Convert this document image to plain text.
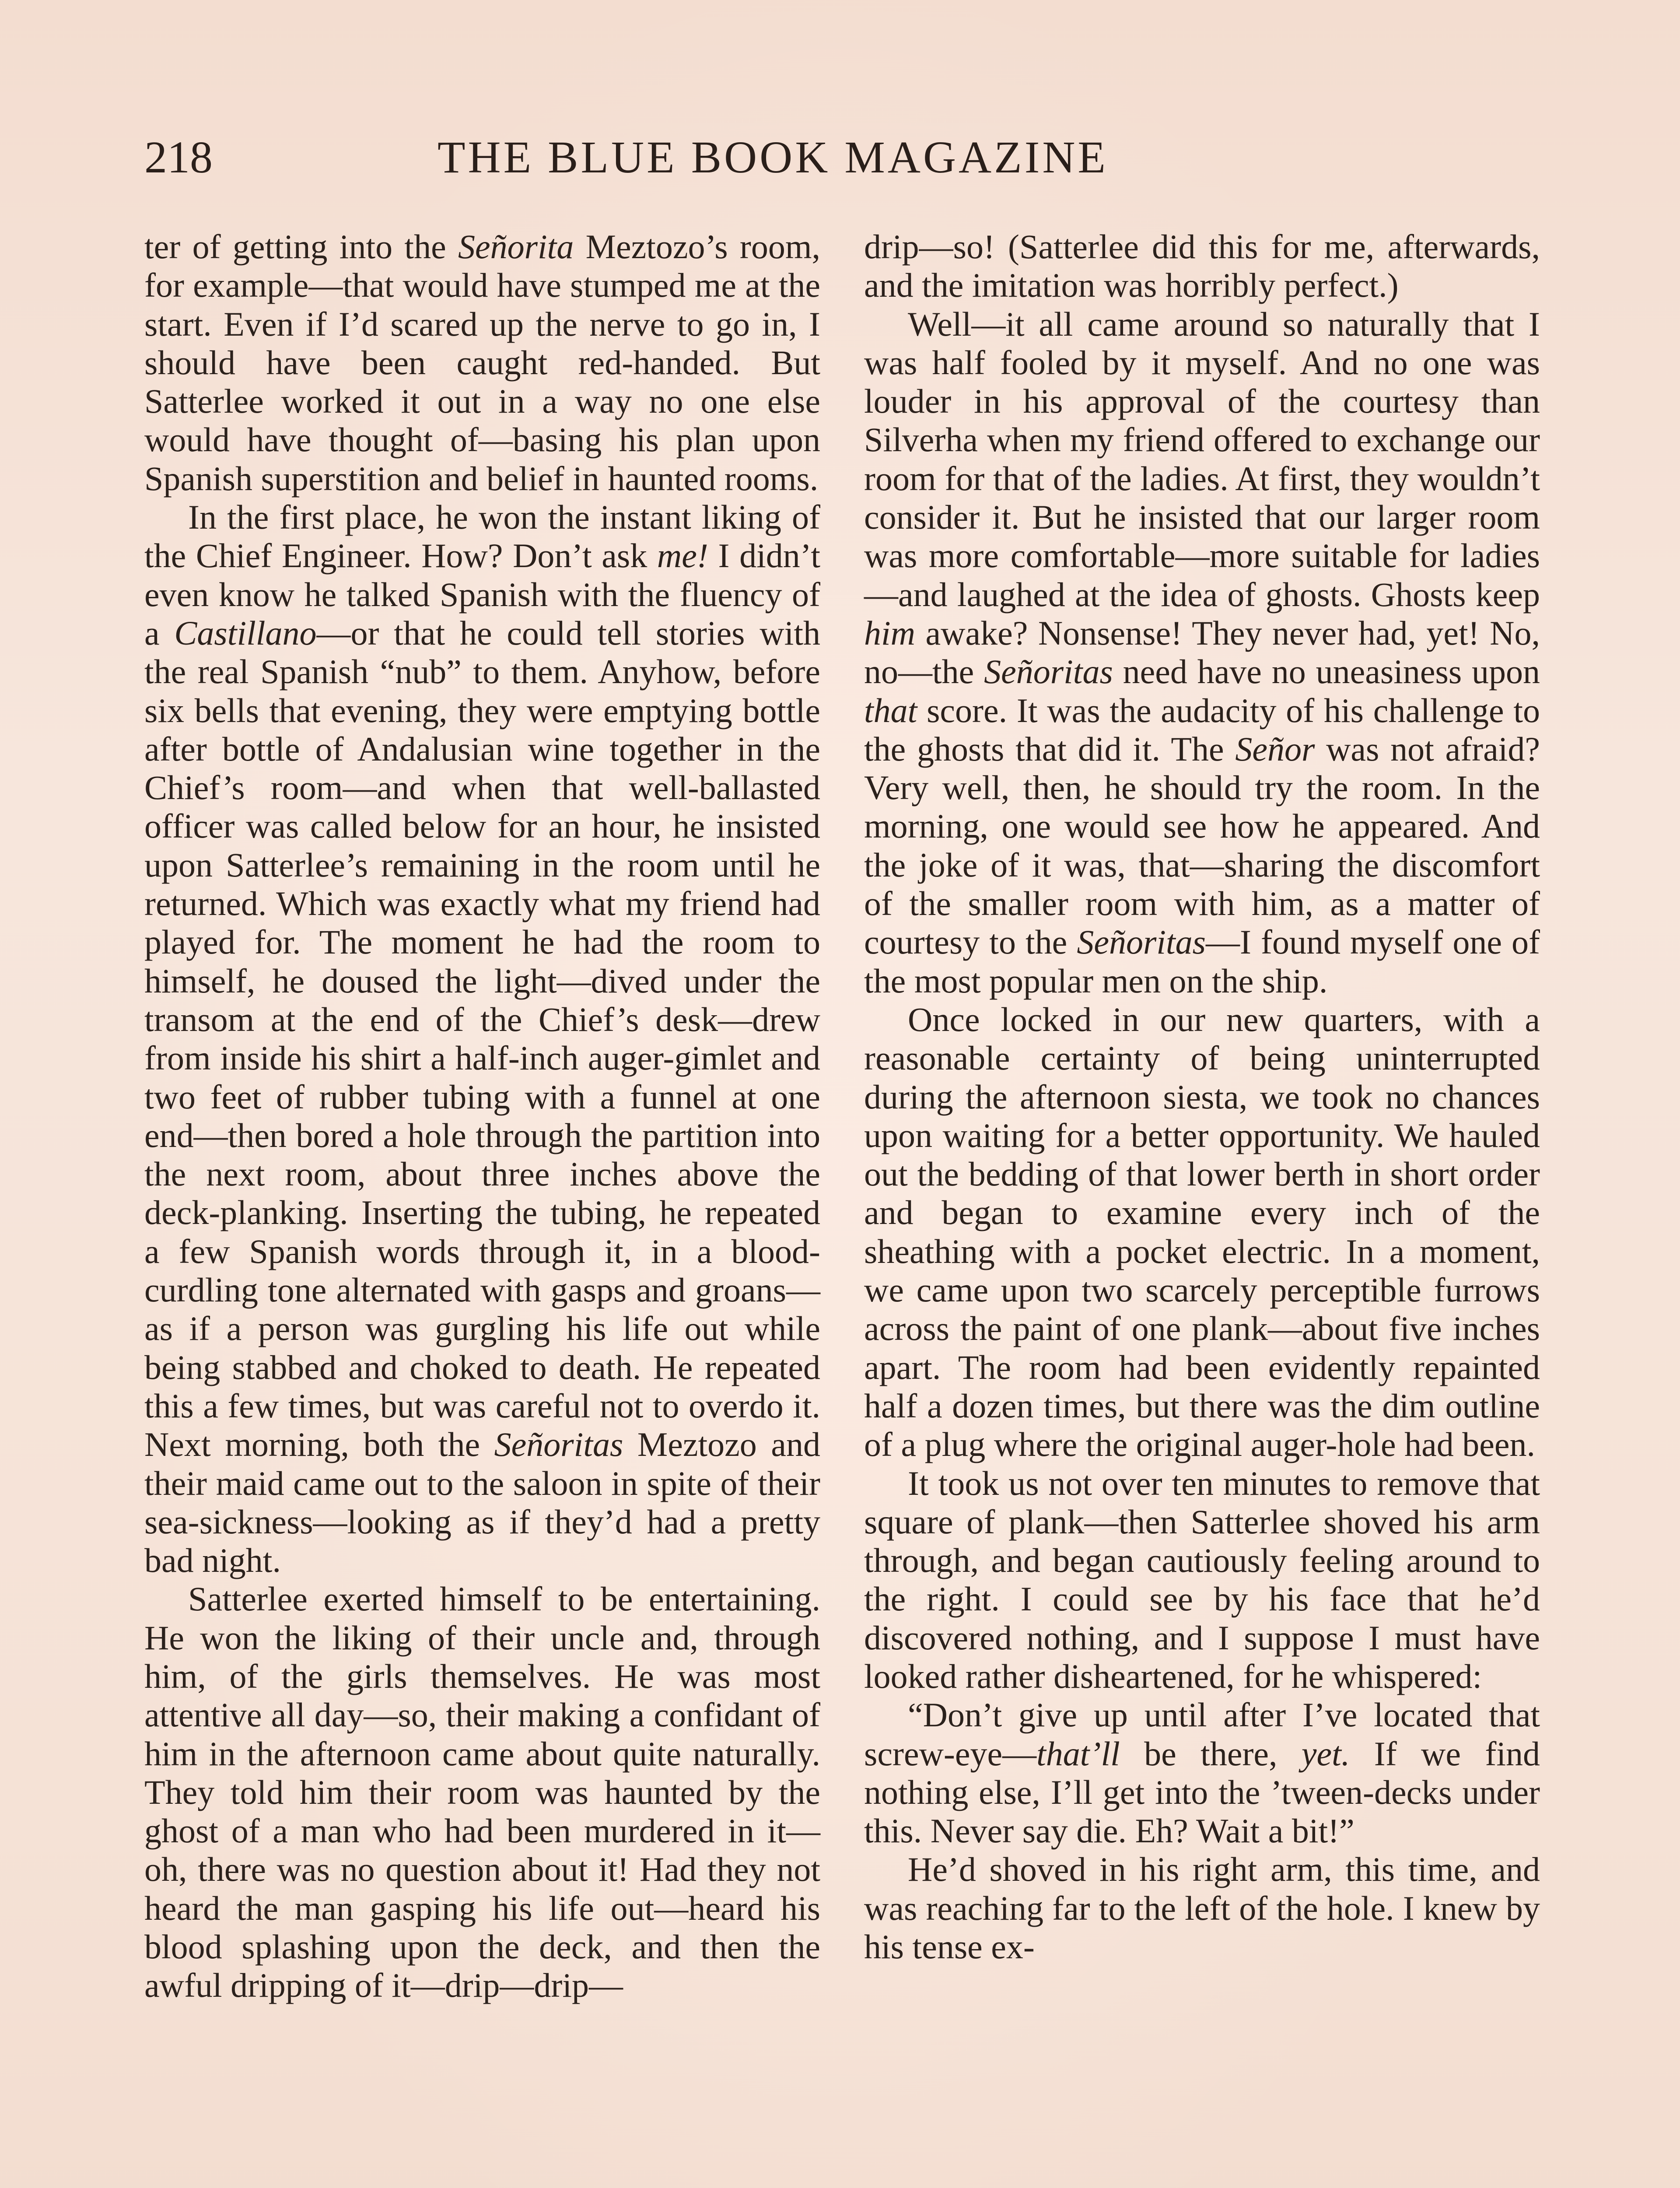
218	THE BLUE BOOK MAGAZINE

ter of getting into the Señorita Meztozo’s room, for example—that would have stumped me at the start. Even if I’d scared up the nerve to go in, I should have been caught red-handed. But Satterlee worked it out in a way no one else would have thought of—basing his plan upon Spanish superstition and belief in haunted rooms.

In the first place, he won the instant liking of the Chief Engineer. How? Don’t ask me! I didn’t even know he talked Spanish with the fluency of a Castillano—or that he could tell stories with the real Spanish “nub” to them. Anyhow, before six bells that evening, they were emptying bottle after bottle of Andalusian wine together in the Chief’s room—and when that well-ballasted officer was called below for an hour, he insisted upon Satterlee’s remaining in the room until he returned. Which was exactly what my friend had played for. The moment he had the room to himself, he doused the light—dived under the transom at the end of the Chief’s desk—drew from inside his shirt a half-inch auger-gimlet and two feet of rubber tubing with a funnel at one end—then bored a hole through the partition into the next room, about three inches above the deck-planking. Inserting the tubing, he repeated a few Spanish words through it, in a blood-curdling tone alternated with gasps and groans—as if a person was gurgling his life out while being stabbed and choked to death. He repeated this a few times, but was careful not to overdo it. Next morning, both the Señoritas Meztozo and their maid came out to the saloon in spite of their sea-sickness—looking as if they’d had a pretty bad night.

Satterlee exerted himself to be entertaining. He won the liking of their uncle and, through him, of the girls themselves. He was most attentive all day—so, their making a confidant of him in the afternoon came about quite naturally. They told him their room was haunted by the ghost of a man who had been murdered in it—oh, there was no question about it! Had they not heard the man gasping his life out—heard his blood splashing upon the deck, and then the awful dripping of it—drip—drip—

drip—so! (Satterlee did this for me, afterwards, and the imitation was horribly perfect.)

Well—it all came around so naturally that I was half fooled by it myself. And no one was louder in his approval of the courtesy than Silverha when my friend offered to exchange our room for that of the ladies. At first, they wouldn’t consider it. But he insisted that our larger room was more comfortable—more suitable for ladies—and laughed at the idea of ghosts. Ghosts keep him awake? Nonsense! They never had, yet! No, no—the Señoritas need have no uneasiness upon that score. It was the audacity of his challenge to the ghosts that did it. The Señor was not afraid? Very well, then, he should try the room. In the morning, one would see how he appeared. And the joke of it was, that—sharing the discomfort of the smaller room with him, as a matter of courtesy to the Señoritas—I found myself one of the most popular men on the ship.

Once locked in our new quarters, with a reasonable certainty of being uninterrupted during the afternoon siesta, we took no chances upon waiting for a better opportunity. We hauled out the bedding of that lower berth in short order and began to examine every inch of the sheathing with a pocket electric. In a moment, we came upon two scarcely perceptible furrows across the paint of one plank—about five inches apart. The room had been evidently repainted half a dozen times, but there was the dim outline of a plug where the original auger-hole had been.

It took us not over ten minutes to remove that square of plank—then Satterlee shoved his arm through, and began cautiously feeling around to the right. I could see by his face that he’d discovered nothing, and I suppose I must have looked rather disheartened, for he whispered:

“Don’t give up until after I’ve located that screw-eye—that’ll be there, yet. If we find nothing else, I’ll get into the ’tween-decks under this. Never say die. Eh? Wait a bit!”

He’d shoved in his right arm, this time, and was reaching far to the left of the hole. I knew by his tense ex-
